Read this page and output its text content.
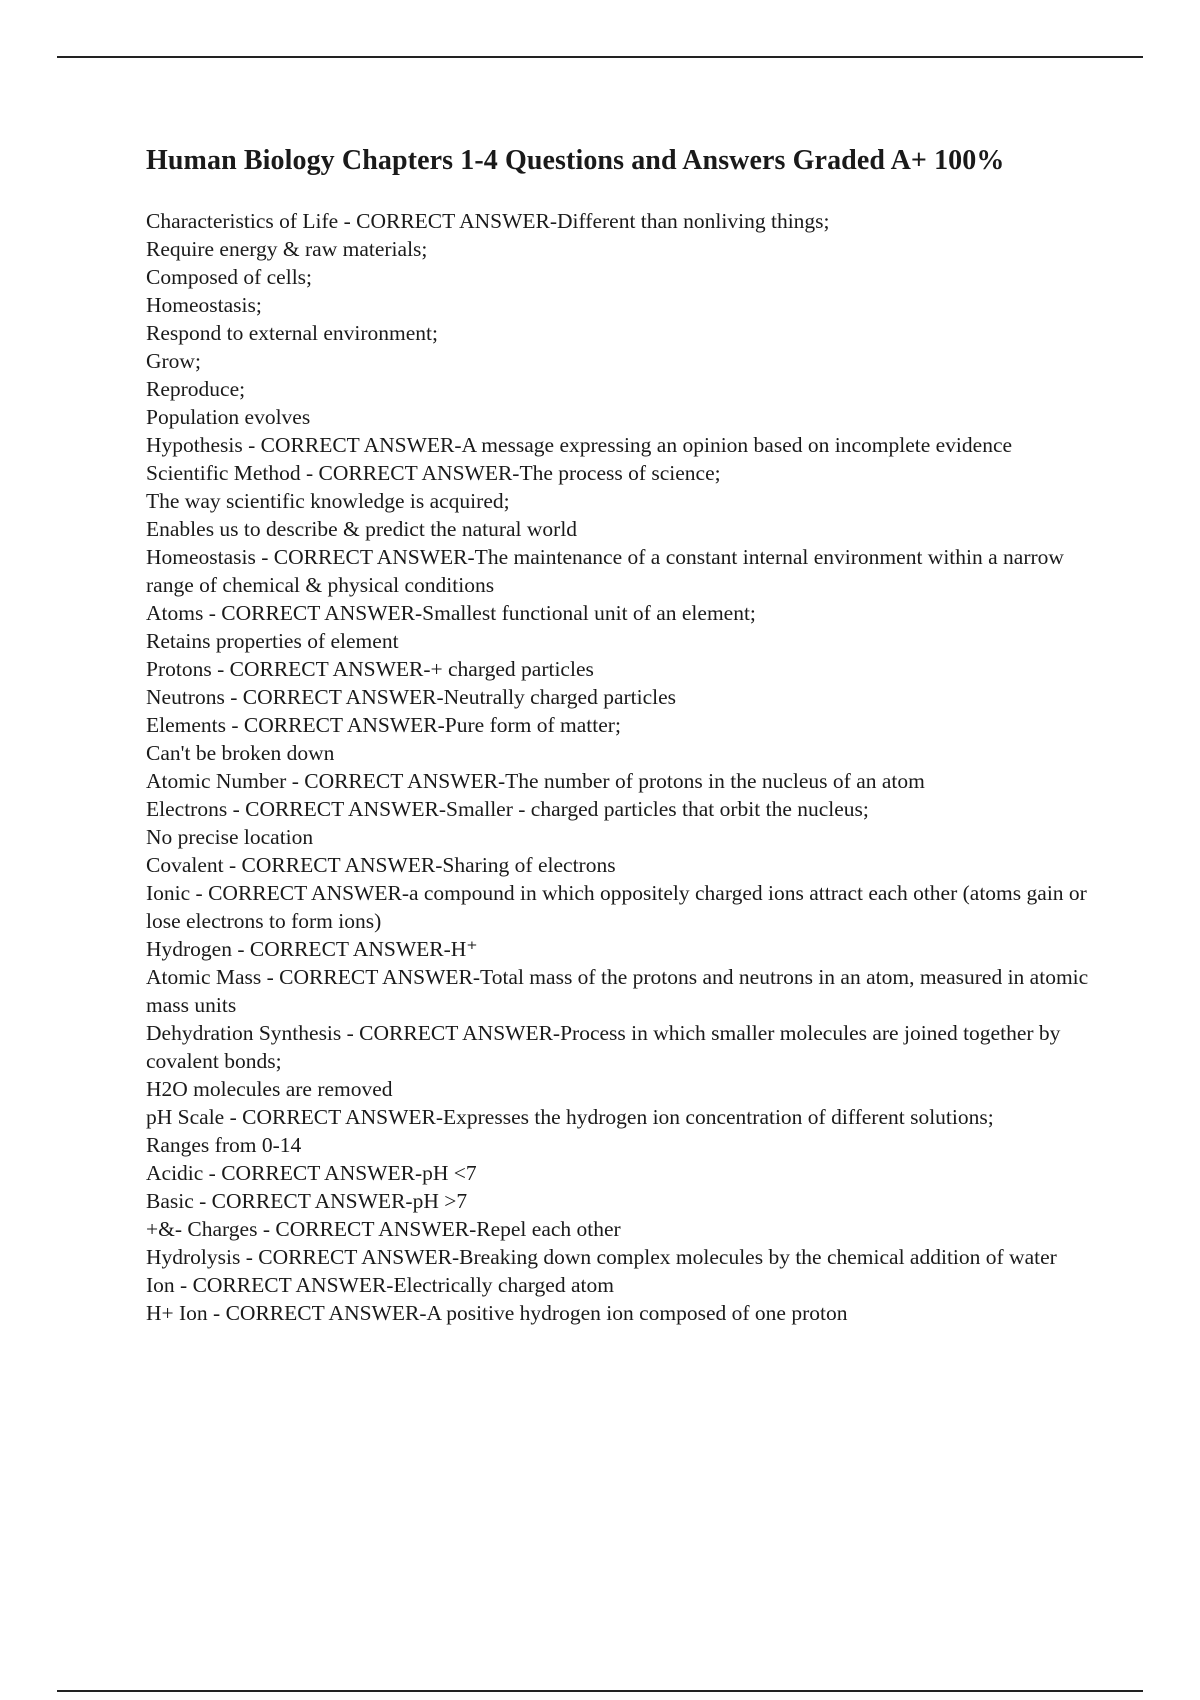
Human Biology Chapters 1-4 Questions and Answers Graded A+ 100%

Characteristics of Life - CORRECT ANSWER-Different than nonliving things;

Require energy & raw materials;

Composed of cells;

Homeostasis;

Respond to external environment;

Grow;

Reproduce;

Population evolves

Hypothesis - CORRECT ANSWER-A message expressing an opinion based on incomplete evidence

Scientific Method - CORRECT ANSWER-The process of science;

The way scientific knowledge is acquired;

Enables us to describe & predict the natural world

Homeostasis - CORRECT ANSWER-The maintenance of a constant internal environment within a narrow range of chemical & physical conditions

Atoms - CORRECT ANSWER-Smallest functional unit of an element;

Retains properties of element

Protons - CORRECT ANSWER-+ charged particles

Neutrons - CORRECT ANSWER-Neutrally charged particles

Elements - CORRECT ANSWER-Pure form of matter;

Can't be broken down

Atomic Number - CORRECT ANSWER-The number of protons in the nucleus of an atom

Electrons - CORRECT ANSWER-Smaller - charged particles that orbit the nucleus;

No precise location

Covalent - CORRECT ANSWER-Sharing of electrons

Ionic - CORRECT ANSWER-a compound in which oppositely charged ions attract each other (atoms gain or lose electrons to form ions)

Hydrogen - CORRECT ANSWER-H⁺

Atomic Mass - CORRECT ANSWER-Total mass of the protons and neutrons in an atom, measured in atomic mass units

Dehydration Synthesis - CORRECT ANSWER-Process in which smaller molecules are joined together by covalent bonds;

H2O molecules are removed

pH Scale - CORRECT ANSWER-Expresses the hydrogen ion concentration of different solutions;

Ranges from 0-14

Acidic - CORRECT ANSWER-pH <7

Basic - CORRECT ANSWER-pH >7

+&- Charges - CORRECT ANSWER-Repel each other

Hydrolysis - CORRECT ANSWER-Breaking down complex molecules by the chemical addition of water

Ion - CORRECT ANSWER-Electrically charged atom

H+ Ion - CORRECT ANSWER-A positive hydrogen ion composed of one proton
